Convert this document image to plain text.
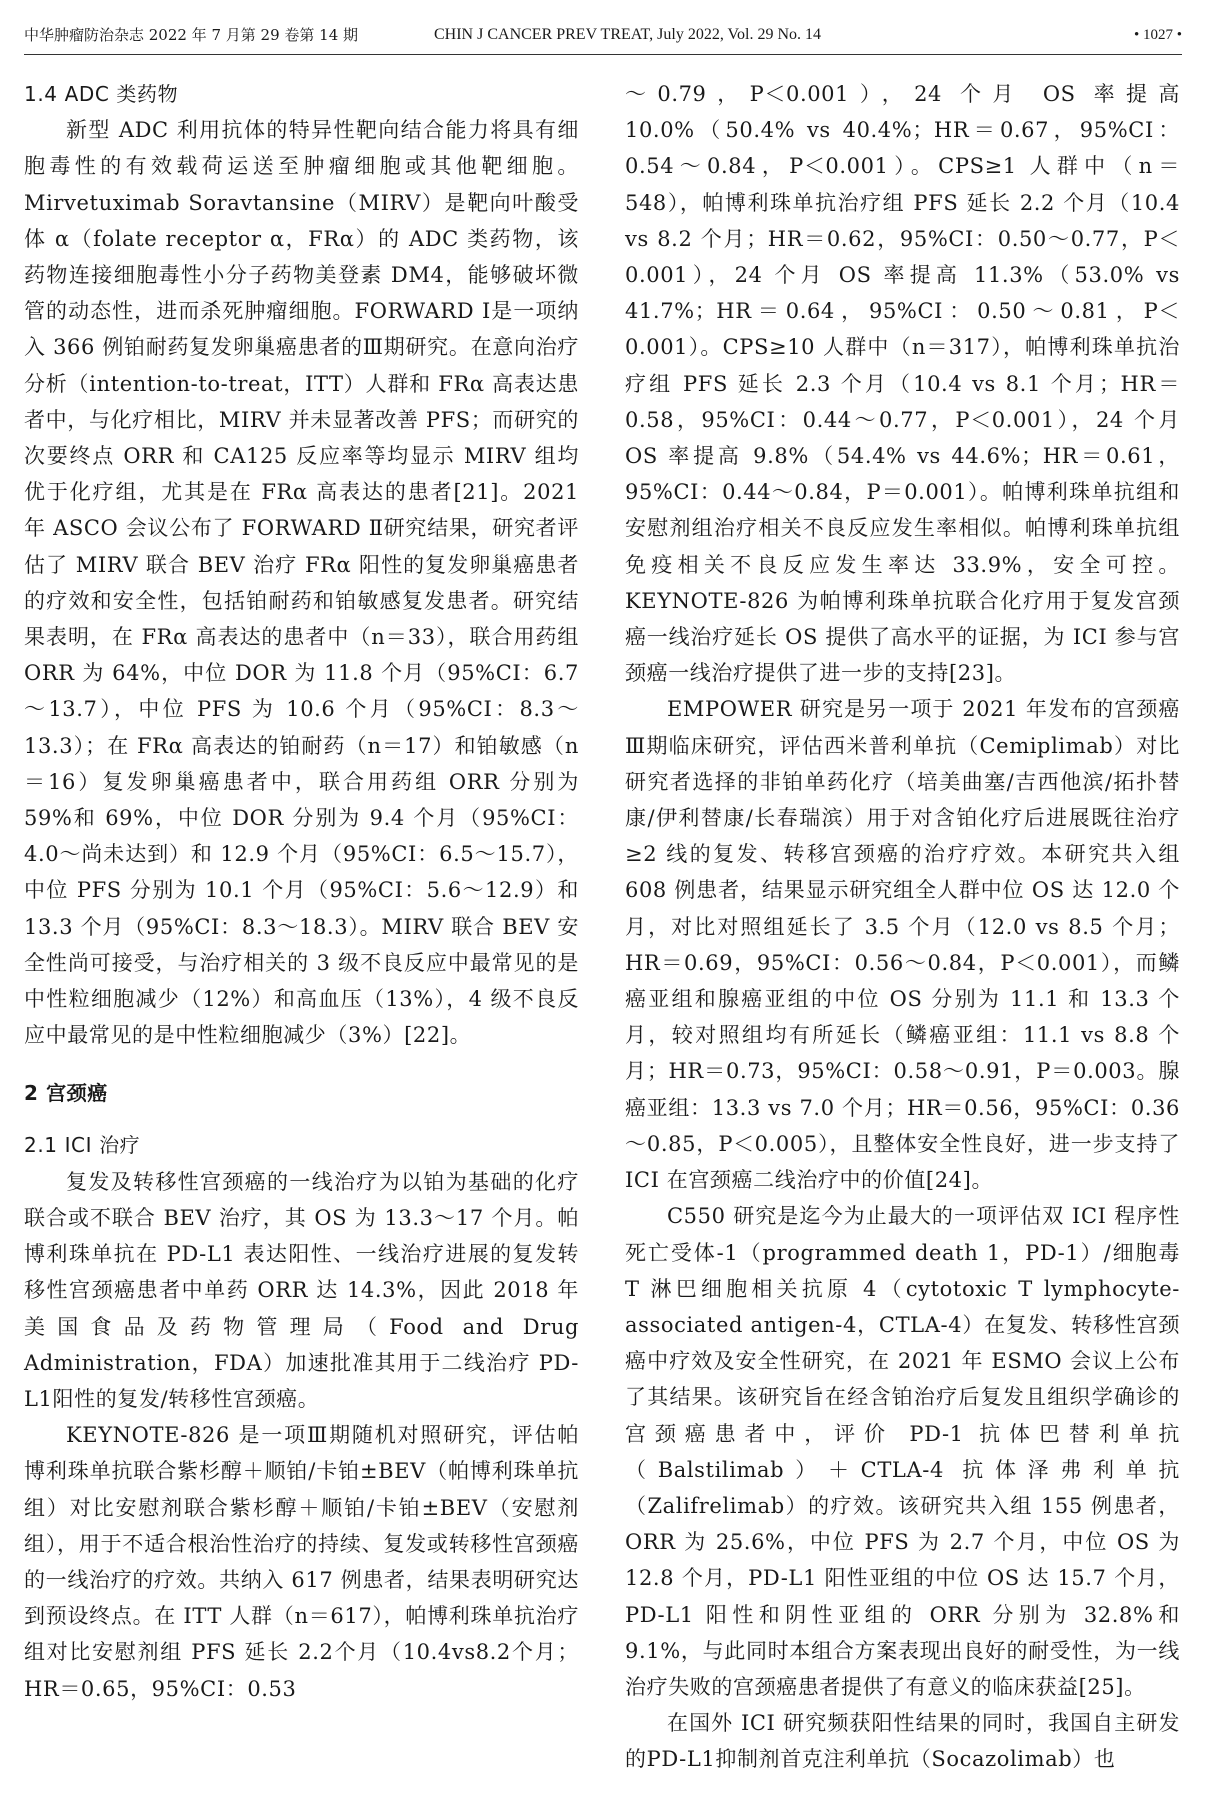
中华肿瘤防治杂志 2022 年 7 月第 29 卷第 14 期	CHIN J CANCER PREV TREAT, July 2022, Vol. 29 No. 14	• 1027 •
1.4 ADC 类药物

新型 ADC 利用抗体的特异性靶向结合能力将具有细胞毒性的有效载荷运送至肿瘤细胞或其他靶细胞。Mirvetuximab Soravtansine（MIRV）是靶向叶酸受体 α（folate receptor α，FRα）的 ADC 类药物，该药物连接细胞毒性小分子药物美登素 DM4，能够破坏微管的动态性，进而杀死肿瘤细胞。FORWARD Ⅰ是一项纳入 366 例铂耐药复发卵巢癌患者的Ⅲ期研究。在意向治疗分析（intention-to-treat，ITT）人群和 FRα 高表达患者中，与化疗相比，MIRV 并未显著改善 PFS；而研究的次要终点 ORR 和 CA125 反应率等均显示 MIRV 组均优于化疗组，尤其是在 FRα 高表达的患者[21]。2021 年 ASCO 会议公布了 FORWARD Ⅱ研究结果，研究者评估了 MIRV 联合 BEV 治疗 FRα 阳性的复发卵巢癌患者的疗效和安全性，包括铂耐药和铂敏感复发患者。研究结果表明，在 FRα 高表达的患者中（n＝33），联合用药组 ORR 为 64%，中位 DOR 为 11.8 个月（95%CI：6.7～13.7），中位 PFS 为 10.6 个月（95%CI：8.3～13.3）；在 FRα 高表达的铂耐药（n＝17）和铂敏感（n＝16）复发卵巢癌患者中，联合用药组 ORR 分别为 59%和 69%，中位 DOR 分别为 9.4 个月（95%CI：4.0～尚未达到）和 12.9 个月（95%CI：6.5～15.7），中位 PFS 分别为 10.1 个月（95%CI：5.6～12.9）和 13.3 个月（95%CI：8.3～18.3）。MIRV 联合 BEV 安全性尚可接受，与治疗相关的 3 级不良反应中最常见的是中性粒细胞减少（12%）和高血压（13%），4 级不良反应中最常见的是中性粒细胞减少（3%）[22]。

2 宫颈癌
2.1 ICI 治疗

复发及转移性宫颈癌的一线治疗为以铂为基础的化疗联合或不联合 BEV 治疗，其 OS 为 13.3～17 个月。帕博利珠单抗在 PD-L1 表达阳性、一线治疗进展的复发转移性宫颈癌患者中单药 ORR 达 14.3%，因此 2018 年美国食品及药物管理局（Food and Drug Administration，FDA）加速批准其用于二线治疗 PD-L1阳性的复发/转移性宫颈癌。

KEYNOTE-826 是一项Ⅲ期随机对照研究，评估帕博利珠单抗联合紫杉醇＋顺铂/卡铂±BEV（帕博利珠单抗组）对比安慰剂联合紫杉醇＋顺铂/卡铂±BEV（安慰剂组），用于不适合根治性治疗的持续、复发或转移性宫颈癌的一线治疗的疗效。共纳入 617 例患者，结果表明研究达到预设终点。在 ITT 人群（n＝617），帕博利珠单抗治疗组对比安慰剂组 PFS 延长 2.2个月（10.4vs8.2个月；HR＝0.65，95%CI：0.53

～0.79，P＜0.001），24 个月 OS 率提高 10.0%（50.4% vs 40.4%；HR＝0.67，95%CI：0.54～0.84，P＜0.001）。CPS≥1 人群中（n＝548），帕博利珠单抗治疗组 PFS 延长 2.2 个月（10.4 vs 8.2 个月；HR＝0.62，95%CI：0.50～0.77，P＜0.001），24 个月 OS 率提高 11.3%（53.0% vs 41.7%；HR＝0.64，95%CI：0.50～0.81，P＜0.001）。CPS≥10 人群中（n＝317），帕博利珠单抗治疗组 PFS 延长 2.3 个月（10.4 vs 8.1 个月；HR＝0.58，95%CI：0.44～0.77，P＜0.001），24 个月 OS 率提高 9.8%（54.4% vs 44.6%；HR＝0.61，95%CI：0.44～0.84，P＝0.001）。帕博利珠单抗组和安慰剂组治疗相关不良反应发生率相似。帕博利珠单抗组免疫相关不良反应发生率达 33.9%，安全可控。KEYNOTE-826 为帕博利珠单抗联合化疗用于复发宫颈癌一线治疗延长 OS 提供了高水平的证据，为 ICI 参与宫颈癌一线治疗提供了进一步的支持[23]。

EMPOWER 研究是另一项于 2021 年发布的宫颈癌Ⅲ期临床研究，评估西米普利单抗（Cemiplimab）对比研究者选择的非铂单药化疗（培美曲塞/吉西他滨/拓扑替康/伊利替康/长春瑞滨）用于对含铂化疗后进展既往治疗≥2 线的复发、转移宫颈癌的治疗疗效。本研究共入组 608 例患者，结果显示研究组全人群中位 OS 达 12.0 个月，对比对照组延长了 3.5 个月（12.0 vs 8.5 个月；HR＝0.69，95%CI：0.56～0.84，P＜0.001），而鳞癌亚组和腺癌亚组的中位 OS 分别为 11.1 和 13.3 个月，较对照组均有所延长（鳞癌亚组：11.1 vs 8.8 个月；HR＝0.73，95%CI：0.58～0.91，P＝0.003。腺癌亚组：13.3 vs 7.0 个月；HR＝0.56，95%CI：0.36～0.85，P＜0.005），且整体安全性良好，进一步支持了 ICI 在宫颈癌二线治疗中的价值[24]。

C550 研究是迄今为止最大的一项评估双 ICI 程序性死亡受体-1（programmed death 1，PD-1）/细胞毒 T 淋巴细胞相关抗原 4（cytotoxic T lymphocyte-associated antigen-4，CTLA-4）在复发、转移性宫颈癌中疗效及安全性研究，在 2021 年 ESMO 会议上公布了其结果。该研究旨在经含铂治疗后复发且组织学确诊的宫颈癌患者中，评价 PD-1 抗体巴替利单抗（Balstilimab）＋CTLA-4 抗体泽弗利单抗（Zalifrelimab）的疗效。该研究共入组 155 例患者，ORR 为 25.6%，中位 PFS 为 2.7 个月，中位 OS 为 12.8 个月，PD-L1 阳性亚组的中位 OS 达 15.7 个月，PD-L1 阳性和阴性亚组的 ORR 分别为 32.8%和 9.1%，与此同时本组合方案表现出良好的耐受性，为一线治疗失败的宫颈癌患者提供了有意义的临床获益[25]。

在国外 ICI 研究频获阳性结果的同时，我国自主研发的PD-L1抑制剂首克注利单抗（Socazolimab）也
